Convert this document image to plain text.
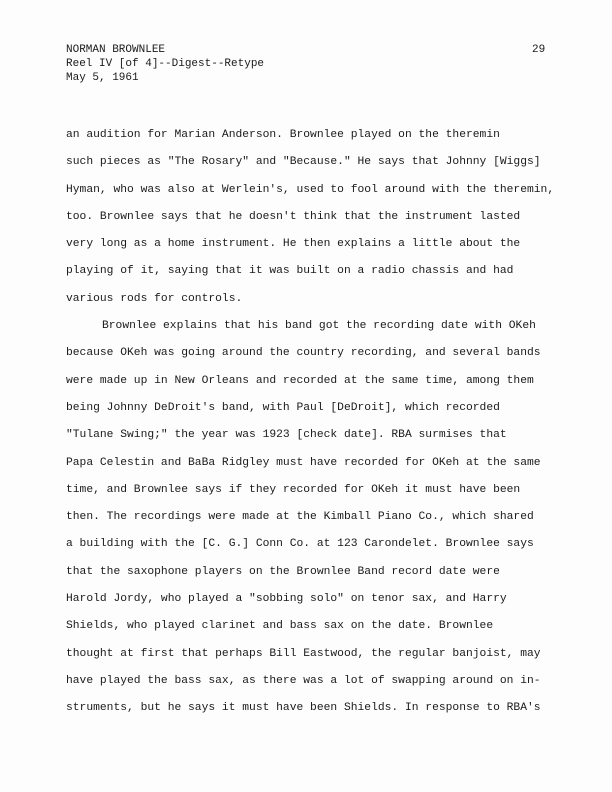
NORMAN BROWNLEE
Reel IV [of 4]--Digest--Retype
May 5, 1961
29
an audition for Marian Anderson. Brownlee played on the theremin
such pieces as "The Rosary" and "Because." He says that Johnny [Wiggs]
Hyman, who was also at Werlein's, used to fool around with the theremin,
too. Brownlee says that he doesn't think that the instrument lasted
very long as a home instrument. He then explains a little about the
playing of it, saying that it was built on a radio chassis and had
various rods for controls.
Brownlee explains that his band got the recording date with OKeh
because OKeh was going around the country recording, and several bands
were made up in New Orleans and recorded at the same time, among them
being Johnny DeDroit's band, with Paul [DeDroit], which recorded
"Tulane Swing;" the year was 1923 [check date]. RBA surmises that
Papa Celestin and BaBa Ridgley must have recorded for OKeh at the same
time, and Brownlee says if they recorded for OKeh it must have been
then. The recordings were made at the Kimball Piano Co., which shared
a building with the [C. G.] Conn Co. at 123 Carondelet. Brownlee says
that the saxophone players on the Brownlee Band record date were
Harold Jordy, who played a "sobbing solo" on tenor sax, and Harry
Shields, who played clarinet and bass sax on the date. Brownlee
thought at first that perhaps Bill Eastwood, the regular banjoist, may
have played the bass sax, as there was a lot of swapping around on in-
struments, but he says it must have been Shields. In response to RBA's
